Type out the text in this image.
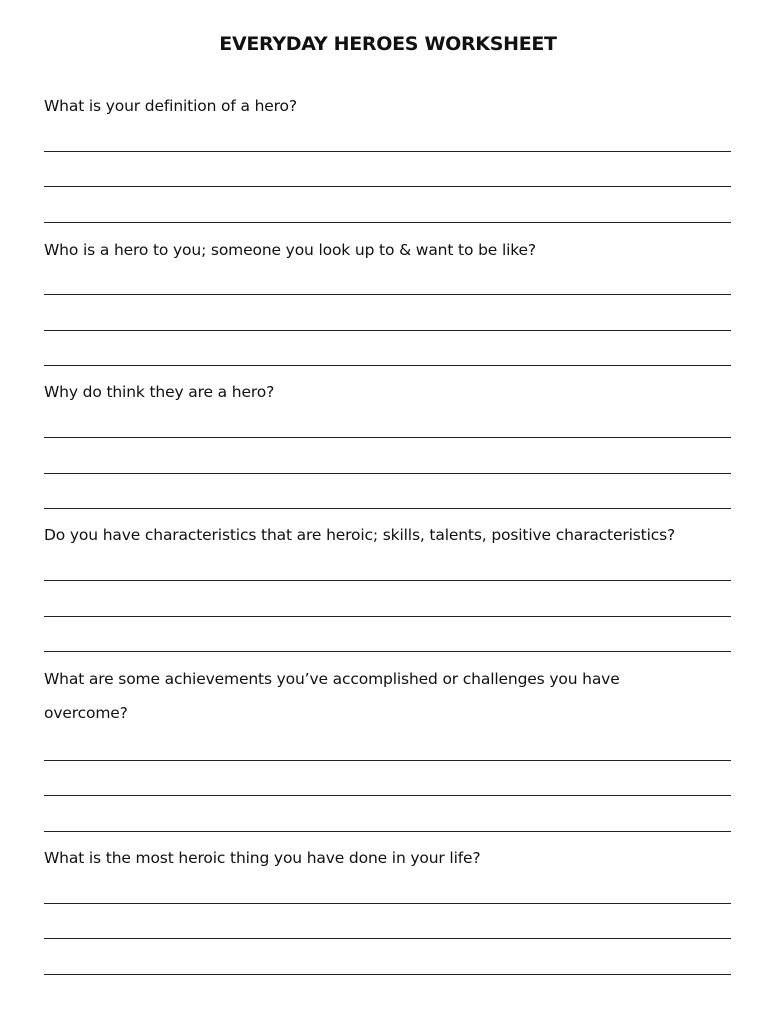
EVERYDAY HEROES WORKSHEET
What is your definition of a hero?
Who is a hero to you; someone you look up to & want to be like?
Why do think they are a hero?
Do you have characteristics that are heroic; skills, talents, positive characteristics?
What are some achievements you’ve accomplished or challenges you have overcome?
What is the most heroic thing you have done in your life?
